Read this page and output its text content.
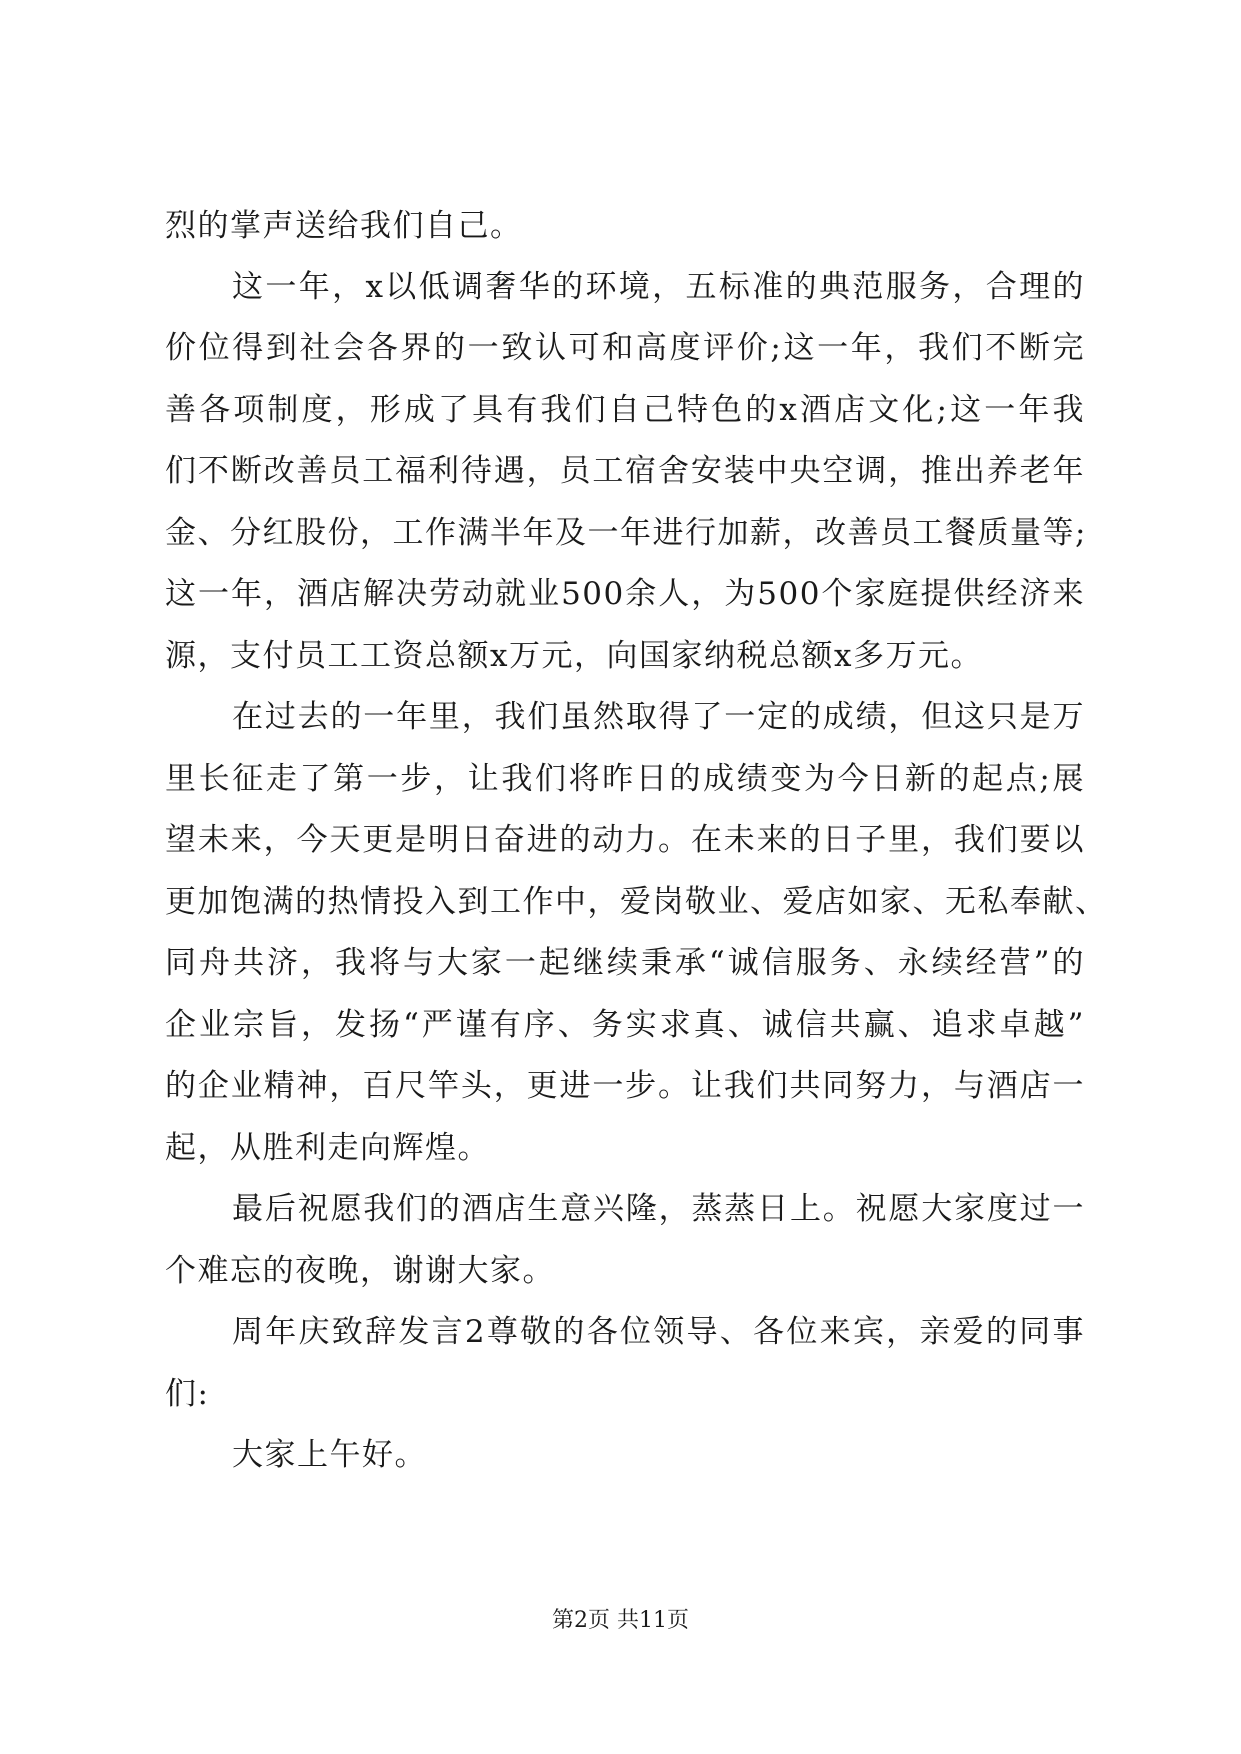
烈的掌声送给我们自己。
这一年，x以低调奢华的环境，五标准的典范服务，合理的
价位得到社会各界的一致认可和高度评价;这一年，我们不断完
善各项制度，形成了具有我们自己特色的x酒店文化;这一年我
们不断改善员工福利待遇，员工宿舍安装中央空调，推出养老年
金、分红股份，工作满半年及一年进行加薪，改善员工餐质量等;
这一年，酒店解决劳动就业500余人，为500个家庭提供经济来
源，支付员工工资总额x万元，向国家纳税总额x多万元。
在过去的一年里，我们虽然取得了一定的成绩，但这只是万
里长征走了第一步，让我们将昨日的成绩变为今日新的起点;展
望未来，今天更是明日奋进的动力。在未来的日子里，我们要以
更加饱满的热情投入到工作中，爱岗敬业、爱店如家、无私奉献、
同舟共济，我将与大家一起继续秉承“诚信服务、永续经营”的
企业宗旨，发扬“严谨有序、务实求真、诚信共赢、追求卓越”
的企业精神，百尺竿头，更进一步。让我们共同努力，与酒店一
起，从胜利走向辉煌。
最后祝愿我们的酒店生意兴隆，蒸蒸日上。祝愿大家度过一
个难忘的夜晚，谢谢大家。
周年庆致辞发言2尊敬的各位领导、各位来宾，亲爱的同事
们:
大家上午好。
第2页 共11页
